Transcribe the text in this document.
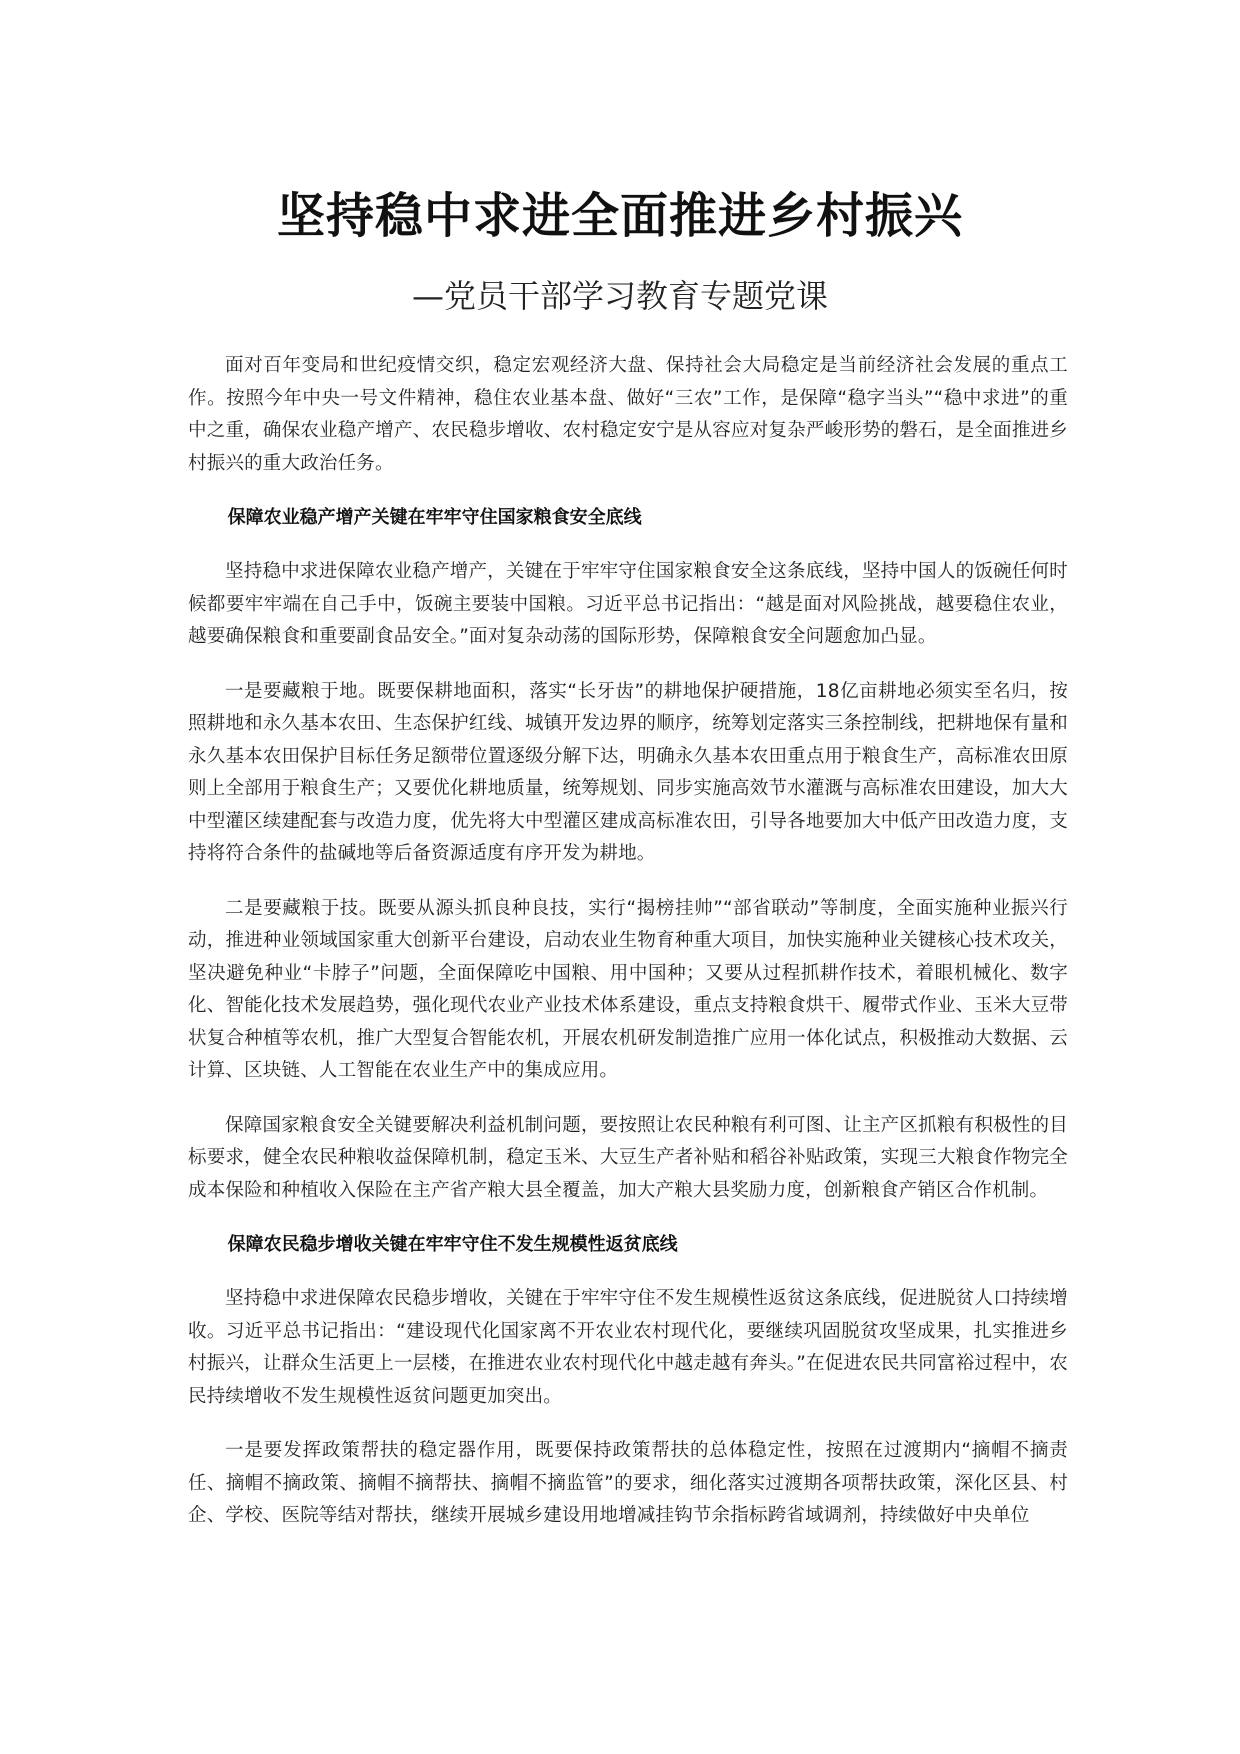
坚持稳中求进全面推进乡村振兴
—党员干部学习教育专题党课

面对百年变局和世纪疫情交织，稳定宏观经济大盘、保持社会大局稳定是当前经济社会发展的重点工作。按照今年中央一号文件精神，稳住农业基本盘、做好“三农”工作，是保障“稳字当头”“稳中求进”的重中之重，确保农业稳产增产、农民稳步增收、农村稳定安宁是从容应对复杂严峻形势的磐石，是全面推进乡村振兴的重大政治任务。

保障农业稳产增产关键在牢牢守住国家粮食安全底线

坚持稳中求进保障农业稳产增产，关键在于牢牢守住国家粮食安全这条底线，坚持中国人的饭碗任何时候都要牢牢端在自己手中，饭碗主要装中国粮。习近平总书记指出：“越是面对风险挑战，越要稳住农业，越要确保粮食和重要副食品安全。”面对复杂动荡的国际形势，保障粮食安全问题愈加凸显。

一是要藏粮于地。既要保耕地面积，落实“长牙齿”的耕地保护硬措施，18亿亩耕地必须实至名归，按照耕地和永久基本农田、生态保护红线、城镇开发边界的顺序，统筹划定落实三条控制线，把耕地保有量和永久基本农田保护目标任务足额带位置逐级分解下达，明确永久基本农田重点用于粮食生产，高标准农田原则上全部用于粮食生产；又要优化耕地质量，统筹规划、同步实施高效节水灌溉与高标准农田建设，加大大中型灌区续建配套与改造力度，优先将大中型灌区建成高标准农田，引导各地要加大中低产田改造力度，支持将符合条件的盐碱地等后备资源适度有序开发为耕地。

二是要藏粮于技。既要从源头抓良种良技，实行“揭榜挂帅”“部省联动”等制度，全面实施种业振兴行动，推进种业领域国家重大创新平台建设，启动农业生物育种重大项目，加快实施种业关键核心技术攻关，坚决避免种业“卡脖子”问题，全面保障吃中国粮、用中国种；又要从过程抓耕作技术，着眼机械化、数字化、智能化技术发展趋势，强化现代农业产业技术体系建设，重点支持粮食烘干、履带式作业、玉米大豆带状复合种植等农机，推广大型复合智能农机，开展农机研发制造推广应用一体化试点，积极推动大数据、云计算、区块链、人工智能在农业生产中的集成应用。

保障国家粮食安全关键要解决利益机制问题，要按照让农民种粮有利可图、让主产区抓粮有积极性的目标要求，健全农民种粮收益保障机制，稳定玉米、大豆生产者补贴和稻谷补贴政策，实现三大粮食作物完全成本保险和种植收入保险在主产省产粮大县全覆盖，加大产粮大县奖励力度，创新粮食产销区合作机制。

保障农民稳步增收关键在牢牢守住不发生规模性返贫底线

坚持稳中求进保障农民稳步增收，关键在于牢牢守住不发生规模性返贫这条底线，促进脱贫人口持续增收。习近平总书记指出：“建设现代化国家离不开农业农村现代化，要继续巩固脱贫攻坚成果，扎实推进乡村振兴，让群众生活更上一层楼，在推进农业农村现代化中越走越有奔头。”在促进农民共同富裕过程中，农民持续增收不发生规模性返贫问题更加突出。

一是要发挥政策帮扶的稳定器作用，既要保持政策帮扶的总体稳定性，按照在过渡期内“摘帽不摘责任、摘帽不摘政策、摘帽不摘帮扶、摘帽不摘监管”的要求，细化落实过渡期各项帮扶政策，深化区县、村企、学校、医院等结对帮扶，继续开展城乡建设用地增减挂钩节余指标跨省域调剂，持续做好中央单位
